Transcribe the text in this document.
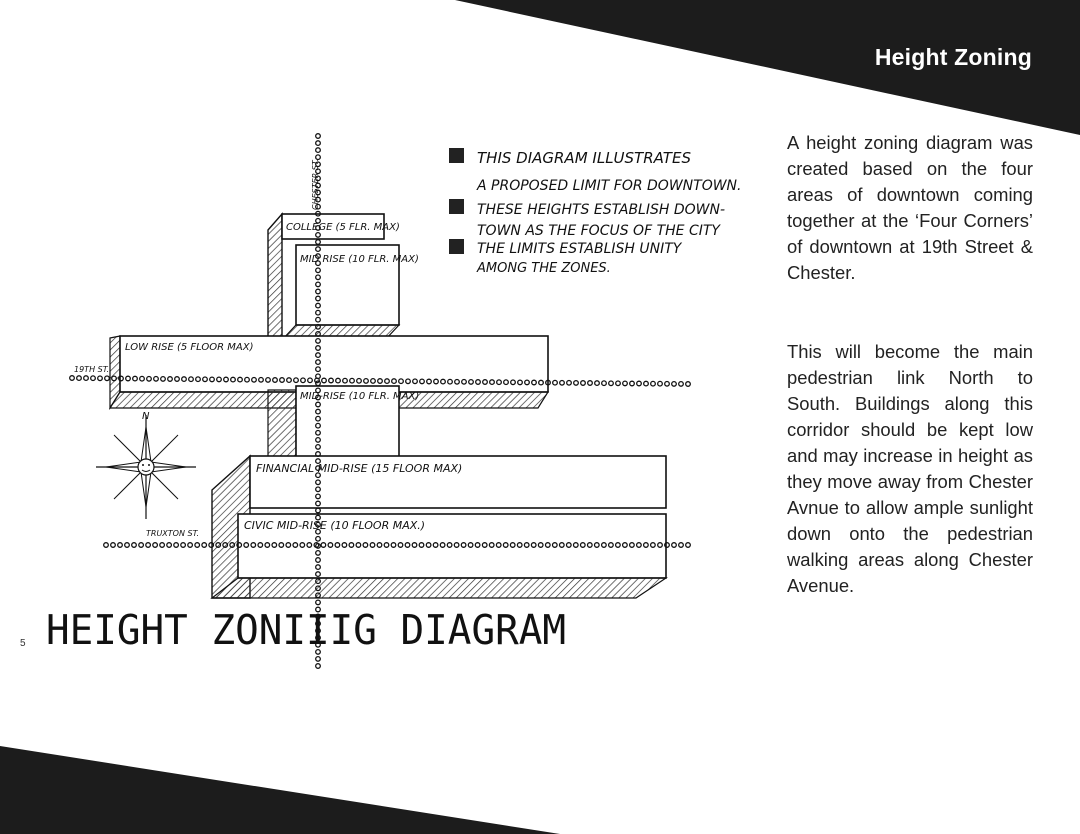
Height Zoning

A height zoning diagram was created based on the four areas of downtown coming together at the ‘Four Corners’ of downtown at 19th Street & Chester.

This will become the main pedestrian link North to South. Buildings along this corridor should be kept low and may increase in height as they move away from Chester Avnue to allow ample sunlight down onto the pedestrian walking areas along Chester Avenue.

5
THIS DIAGRAM ILLUSTRATES
A PROPOSED LIMIT FOR DOWNTOWN.
THESE HEIGHTS ESTABLISH DOWN-
TOWN AS THE FOCUS OF THE CITY
THE LIMITS ESTABLISH UNITY
AMONG THE ZONES.
COLLEGE (5 FLR. MAX)
MID RISE (10 FLR. MAX)
LOW RISE (5 FLOOR MAX)
MID-RISE (10 FLR. MAX)
FINANCIAL MID-RISE (15 FLOOR MAX)
CIVIC MID-RISE (10 FLOOR MAX.)
CHESTER ST.
19TH ST.
TRUXTON ST.
N
HEIGHT ZONIIIG DIAGRAM
